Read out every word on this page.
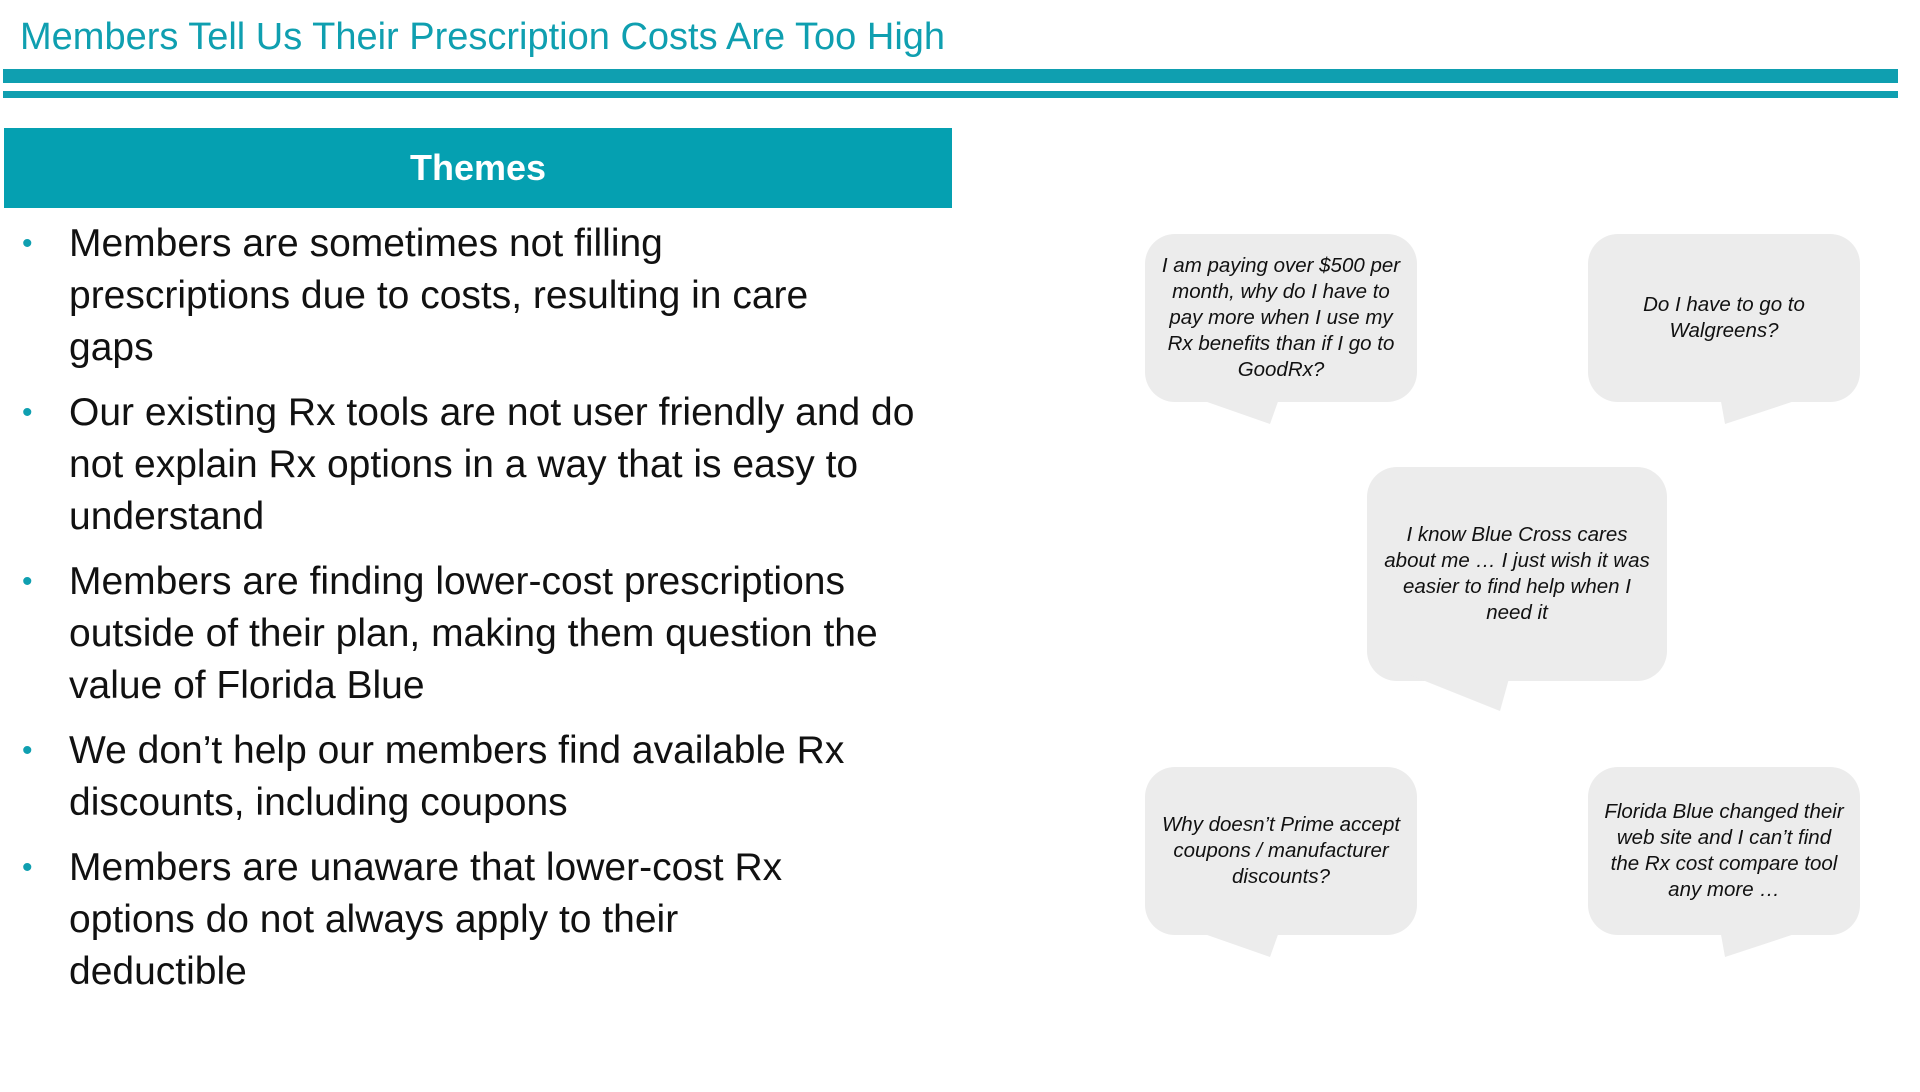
Members Tell Us Their Prescription Costs Are Too High
Themes
• Members are sometimes not filling prescriptions due to costs, resulting in care gaps
• Our existing Rx tools are not user friendly and do not explain Rx options in a way that is easy to understand
• Members are finding lower-cost prescriptions outside of their plan, making them question the value of Florida Blue
• We don’t help our members find available Rx discounts, including coupons
• Members are unaware that lower-cost Rx options do not always apply to their deductible
I am paying over $500 per month, why do I have to pay more when I use my Rx benefits than if I go to GoodRx?
Do I have to go to Walgreens?
I know Blue Cross cares about me … I just wish it was easier to find help when I need it
Why doesn’t Prime accept coupons / manufacturer discounts?
Florida Blue changed their web site and I can’t find the Rx cost compare tool any more …
